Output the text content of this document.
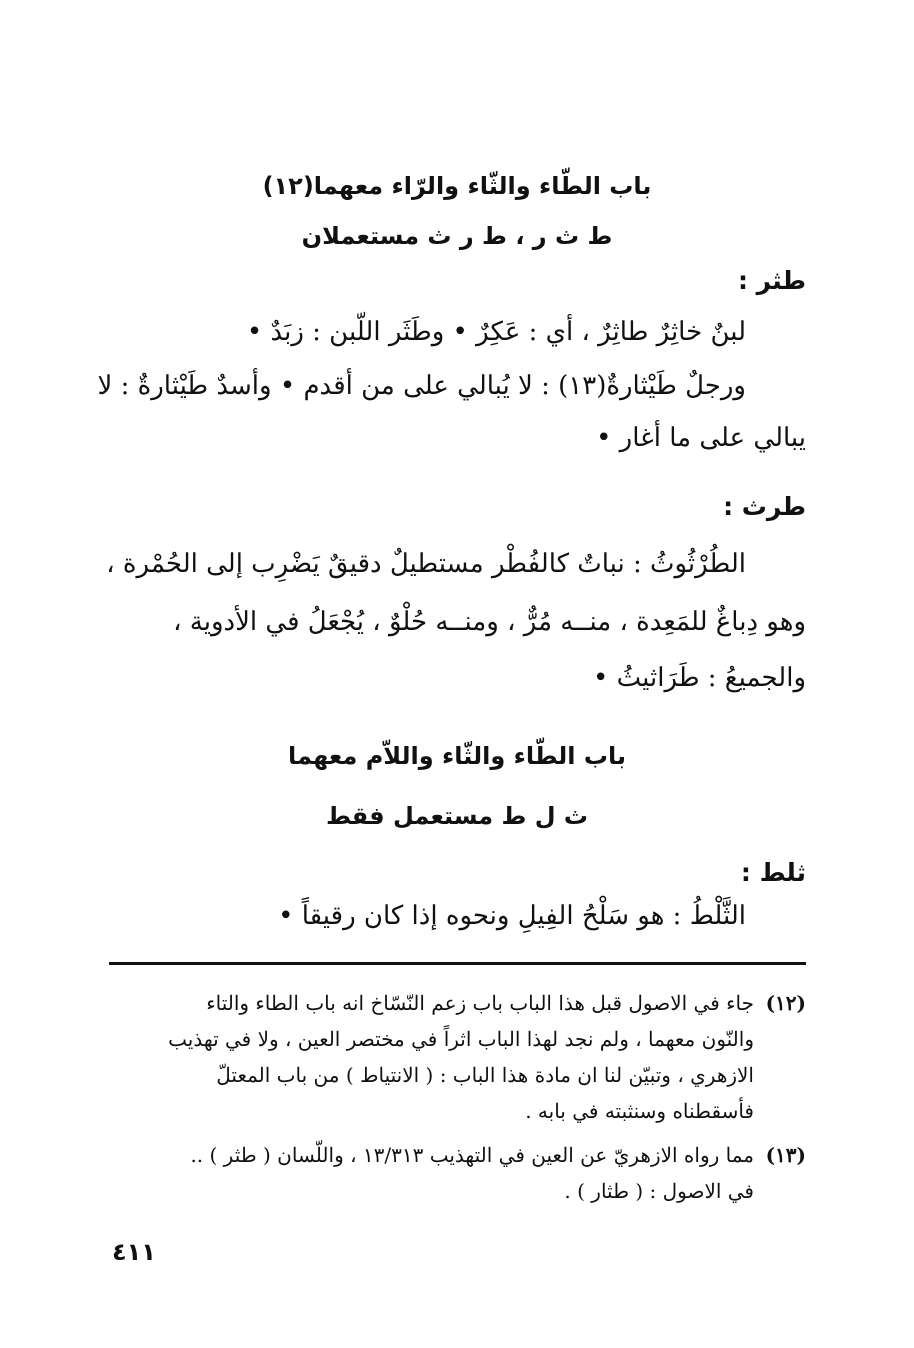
باب الطّاء والثّاء والرّاء معهما(١٢)
ط ث ر ، ط ر ث مستعملان
طثر :
لبنٌ خاثِرٌ طاثِرٌ ، أي : عَكِرٌ • وطَثَر اللّبن : زبَدٌ •
ورجلٌ طَيْثارةٌ(١٣) : لا يُبالي على من أقدم • وأسدٌ طَيْثارةٌ : لا
يبالي على ما أغار •
طرث :
الطُرْثُوثُ : نباتٌ كالفُطْر مستطيلٌ دقيقٌ يَضْرِب إلى الحُمْرة ،
وهو دِباغٌ للمَعِدة ، منــه مُرٌّ ، ومنــه حُلْوٌ ، يُجْعَلُ في الأدوية ،
والجميعُ : طَرَاثيثُ •
باب الطّاء والثّاء واللاّم معهما
ث ل ط مستعمل فقط
ثلط :
الثَّلْطُ : هو سَلْحُ الفِيلِ ونحوه إذا كان رقيقاً •
(١٢)
جاء في الاصول قبل هذا الباب باب زعم النّسّاخ انه باب الطاء والتاء
والنّون معهما ، ولم نجد لهذا الباب اثراً في مختصر العين ، ولا في تهذيب
الازهري ، وتبيّن لنا ان مادة هذا الباب : ( الانتياط ) من باب المعتلّ
فأسقطناه وسنثبته في بابه .
(١٣)
مما رواه الازهريّ عن العين في التهذيب ١٣/٣١٣ ، واللّسان ( طثر ) ..
في الاصول : ( طثار ) .
٤١١
